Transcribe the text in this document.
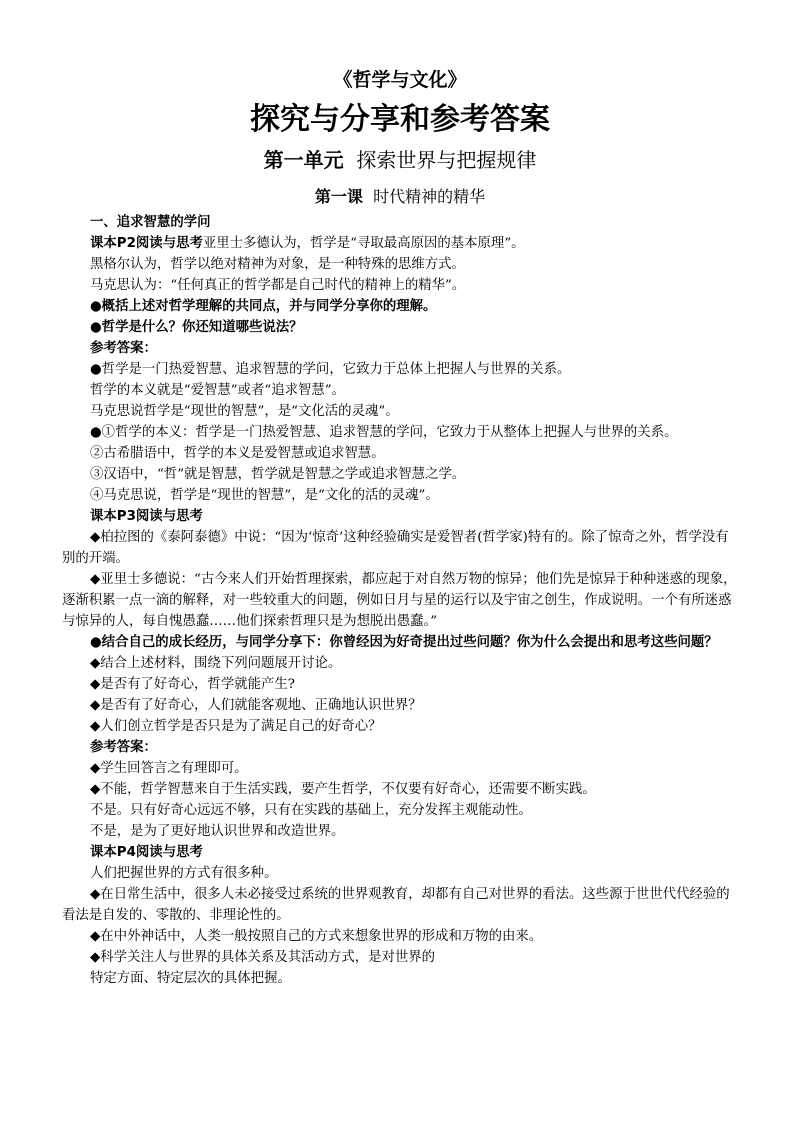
《哲学与文化》
探究与分享和参考答案
第一单元 探索世界与把握规律
第一课 时代精神的精华

一、追求智慧的学问

课本P2阅读与思考亚里士多德认为，哲学是“寻取最高原因的基本原理”。

黑格尔认为，哲学以绝对精神为对象，是一种特殊的思维方式。

马克思认为：“任何真正的哲学都是自己时代的精神上的精华”。

●概括上述对哲学理解的共同点，并与同学分享你的理解。

●哲学是什么？你还知道哪些说法？

参考答案：

●哲学是一门热爱智慧、追求智慧的学问，它致力于总体上把握人与世界的关系。

哲学的本义就是“爱智慧”或者“追求智慧”。

马克思说哲学是“现世的智慧”，是“文化活的灵魂”。

●①哲学的本义：哲学是一门热爱智慧、追求智慧的学问，它致力于从整体上把握人与世界的关系。

②古希腊语中，哲学的本义是爱智慧或追求智慧。

③汉语中，“哲”就是智慧，哲学就是智慧之学或追求智慧之学。

④马克思说，哲学是“现世的智慧”，是“文化的活的灵魂”。

课本P3阅读与思考

◆柏拉图的《泰阿泰德》中说：“因为‘惊奇’这种经验确实是爱智者(哲学家)特有的。除了惊奇之外，哲学没有别的开端。

◆亚里士多德说：“古今来人们开始哲理探索，都应起于对自然万物的惊异；他们先是惊异于种种迷惑的现象，逐渐积累一点一滴的解释，对一些较重大的问题，例如日月与星的运行以及宇宙之创生，作成说明。一个有所迷惑与惊异的人，每自愧愚蠢……他们探索哲理只是为想脱出愚蠢。”

●结合自己的成长经历，与同学分享下：你曾经因为好奇提出过些问题？你为什么会提出和思考这些问题？

◆结合上述材料，围绕下列问题展开讨论。

◆是否有了好奇心，哲学就能产生?

◆是否有了好奇心，人们就能客观地、正确地认识世界？

◆人们创立哲学是否只是为了满足自己的好奇心？

参考答案：

◆学生回答言之有理即可。

◆不能，哲学智慧来自于生活实践，要产生哲学，不仅要有好奇心，还需要不断实践。

不是。只有好奇心远远不够，只有在实践的基础上，充分发挥主观能动性。

不是，是为了更好地认识世界和改造世界。

课本P4阅读与思考

人们把握世界的方式有很多种。

◆在日常生活中，很多人未必接受过系统的世界观教育，却都有自己对世界的看法。这些源于世世代代经验的看法是自发的、零散的、非理论性的。

◆在中外神话中，人类一般按照自己的方式来想象世界的形成和万物的由来。

◆科学关注人与世界的具体关系及其活动方式，是对世界的

特定方面、特定层次的具体把握。
